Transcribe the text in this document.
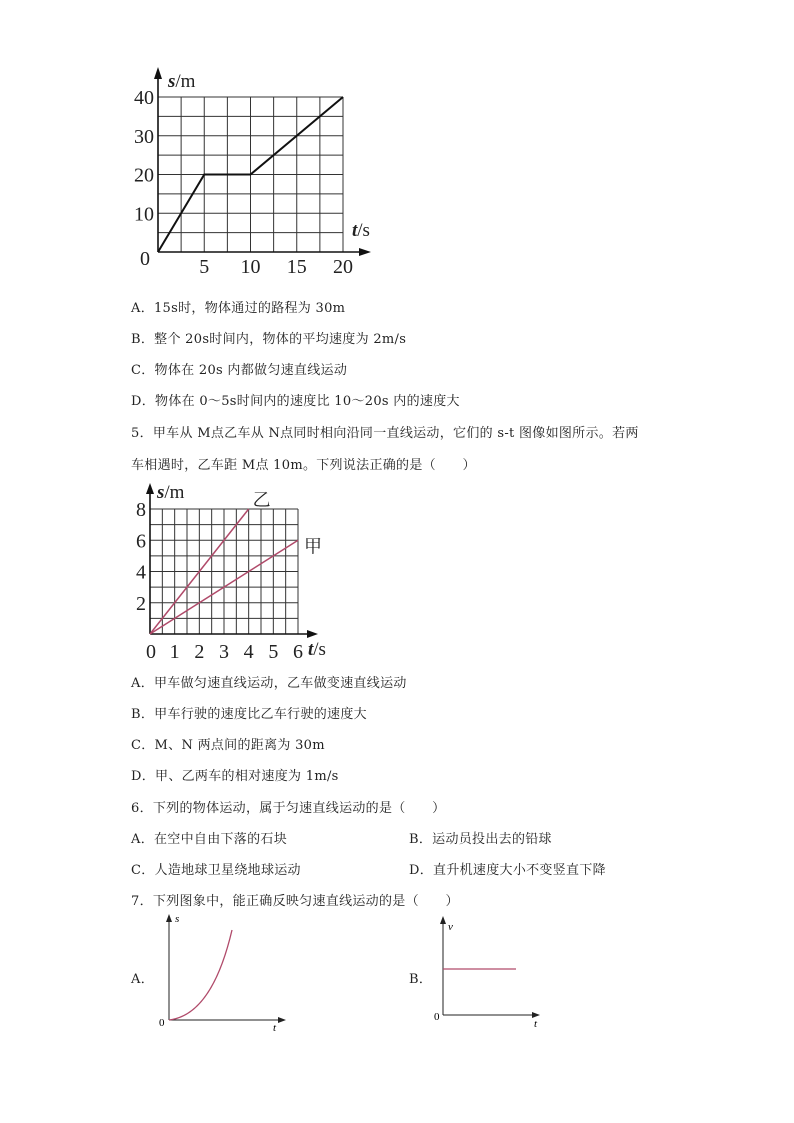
10
20
30
40
0 5 10 15 20
s/m
t/s
乙
甲
2
4
6
8
0 1 2 3 4 5 6
s/m
t/s
A．15s时，物体通过的路程为 30m
B．整个 20s时间内，物体的平均速度为 2m/s
C．物体在 20s 内都做匀速直线运动
D．物体在 0～5s时间内的速度比 10～20s 内的速度大
5．甲车从 M点乙车从 N点同时相向沿同一直线运动，它们的 s-t 图像如图所示。若两
车相遇时，乙车距 M点 10m。下列说法正确的是（　　）
A．甲车做匀速直线运动，乙车做变速直线运动
B．甲车行驶的速度比乙车行驶的速度大
C．M、N 两点间的距离为 30m
D．甲、乙两车的相对速度为 1m/s
6．下列的物体运动，属于匀速直线运动的是（　　）
A．在空中自由下落的石块	B．运动员投出去的铅球
C．人造地球卫星绕地球运动	D．直升机速度大小不变竖直下降
7．下列图象中，能正确反映匀速直线运动的是（　　）
A．	B．
s
t
0
v
t
0
